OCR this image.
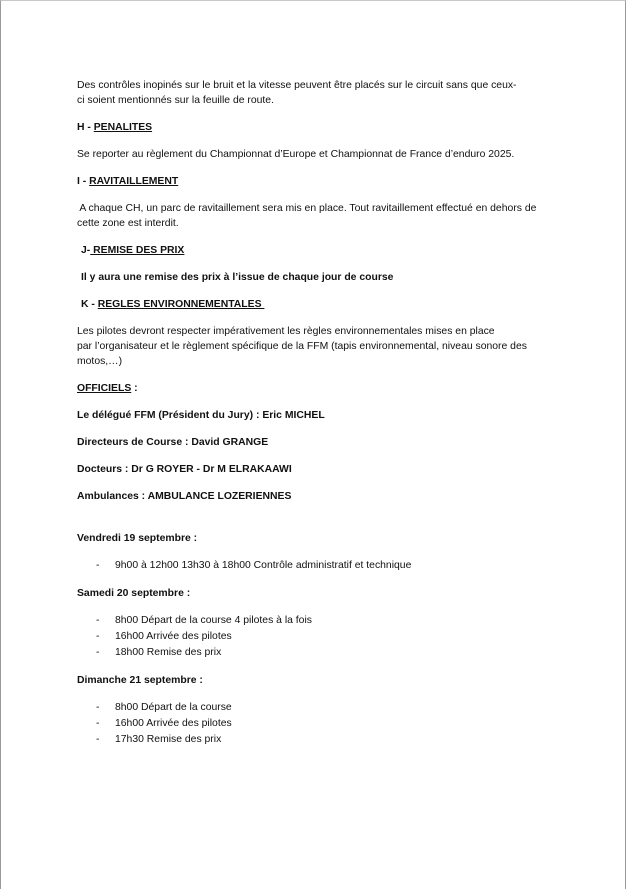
Des contrôles inopinés sur le bruit et la vitesse peuvent être placés sur le circuit sans que ceux-
ci soient mentionnés sur la feuille de route.

H - PENALITES

Se reporter au règlement du Championnat d’Europe et Championnat de France d’enduro 2025.

I - RAVITAILLEMENT

A chaque CH, un parc de ravitaillement sera mis en place. Tout ravitaillement effectué en dehors de
cette zone est interdit.

J- REMISE DES PRIX

Il y aura une remise des prix à l’issue de chaque jour de course

K - REGLES ENVIRONNEMENTALES

Les pilotes devront respecter impérativement les règles environnementales mises en place
par l’organisateur et le règlement spécifique de la FFM (tapis environnemental, niveau sonore des
motos,…)

OFFICIELS :

Le délégué FFM (Président du Jury) : Eric MICHEL

Directeurs de Course : David GRANGE

Docteurs : Dr G ROYER - Dr M ELRAKAAWI

Ambulances : AMBULANCE LOZERIENNES

Vendredi 19 septembre :

- 9h00 à 12h00 13h30 à 18h00 Contrôle administratif et technique

Samedi 20 septembre :

- 8h00 Départ de la course 4 pilotes à la fois
- 16h00 Arrivée des pilotes
- 18h00 Remise des prix

Dimanche 21 septembre :

- 8h00 Départ de la course
- 16h00 Arrivée des pilotes
- 17h30 Remise des prix
